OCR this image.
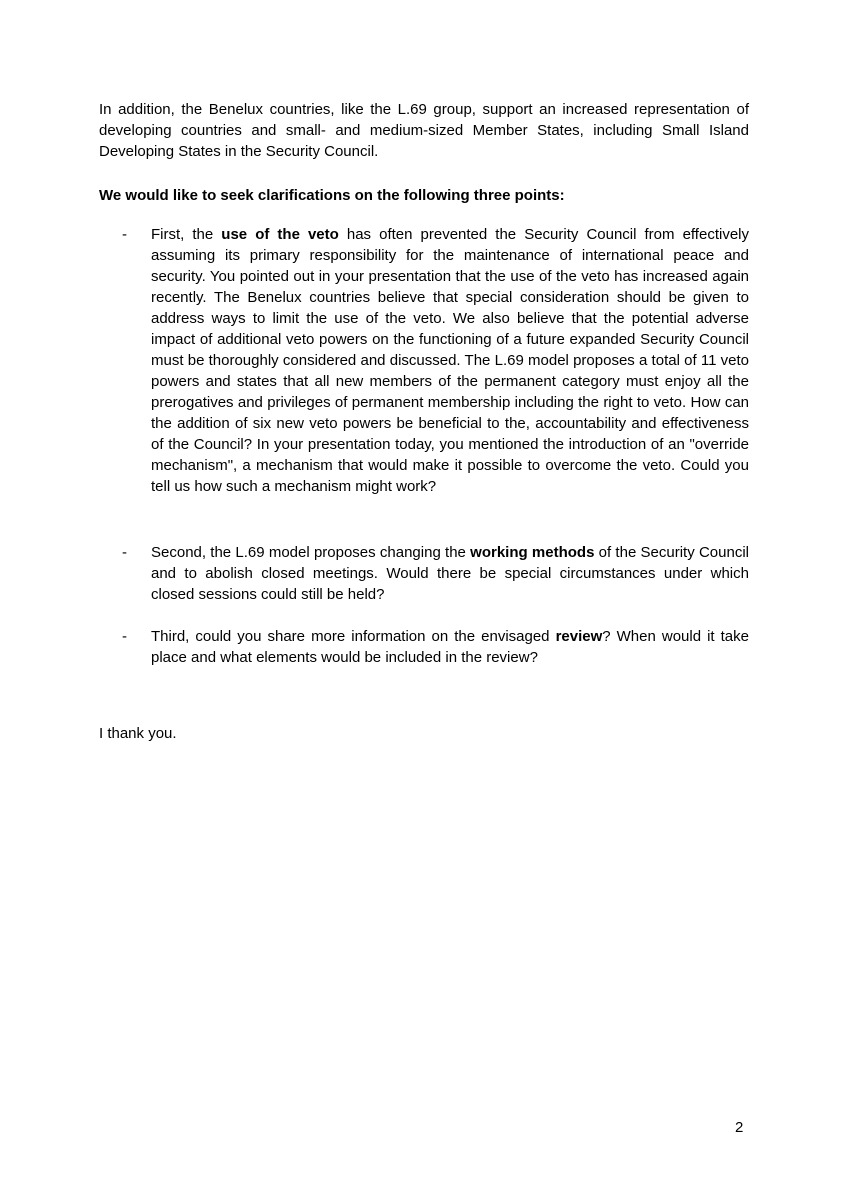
In addition, the Benelux countries, like the L.69 group, support an increased representation of developing countries and small- and medium-sized Member States, including Small Island Developing States in the Security Council.

We would like to seek clarifications on the following three points:

- First, the use of the veto has often prevented the Security Council from effectively assuming its primary responsibility for the maintenance of international peace and security. You pointed out in your presentation that the use of the veto has increased again recently. The Benelux countries believe that special consideration should be given to address ways to limit the use of the veto. We also believe that the potential adverse impact of additional veto powers on the functioning of a future expanded Security Council must be thoroughly considered and discussed. The L.69 model proposes a total of 11 veto powers and states that all new members of the permanent category must enjoy all the prerogatives and privileges of permanent membership including the right to veto. How can the addition of six new veto powers be beneficial to the, accountability and effectiveness of the Council? In your presentation today, you mentioned the introduction of an "override mechanism", a mechanism that would make it possible to overcome the veto. Could you tell us how such a mechanism might work?

- Second, the L.69 model proposes changing the working methods of the Security Council and to abolish closed meetings. Would there be special circumstances under which closed sessions could still be held?

- Third, could you share more information on the envisaged review? When would it take place and what elements would be included in the review?

I thank you.

2
